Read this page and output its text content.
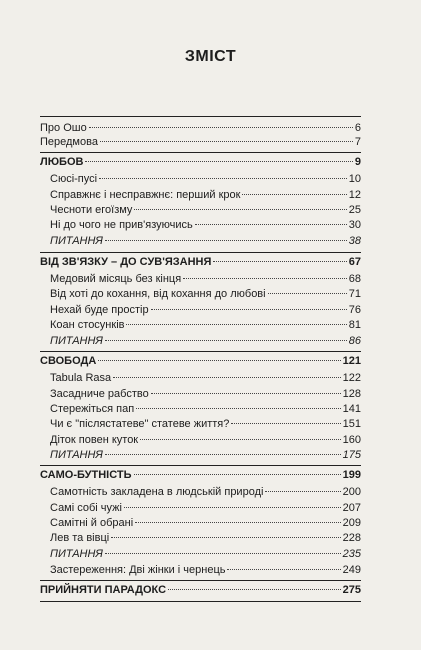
ЗМІСТ
Про Ошо	6
Передмова	7
ЛЮБОВ	9
Сюсі-пусі	10
Справжнє і несправжнє: перший крок	12
Чесноти егоїзму	25
Ні до чого не прив'язуючись	30
ПИТАННЯ	38
ВІД ЗВ'ЯЗКУ – ДО СУВ'ЯЗАННЯ	67
Медовий місяць без кінця	68
Від хоті до кохання, від кохання до любові	71
Нехай буде простір	76
Коан стосунків	81
ПИТАННЯ	86
СВОБОДА	121
Tabula Rasa	122
Засадниче рабство	128
Стережіться пап	141
Чи є "післястатеве" статеве життя?	151
Діток повен куток	160
ПИТАННЯ	175
САМО-БУТНІСТЬ	199
Самотність закладена в людській природі	200
Самі собі чужі	207
Самітні й обрані	209
Лев та вівці	228
ПИТАННЯ	235
Застереження: Дві жінки і чернець	249
ПРИЙНЯТИ ПАРАДОКС	275
